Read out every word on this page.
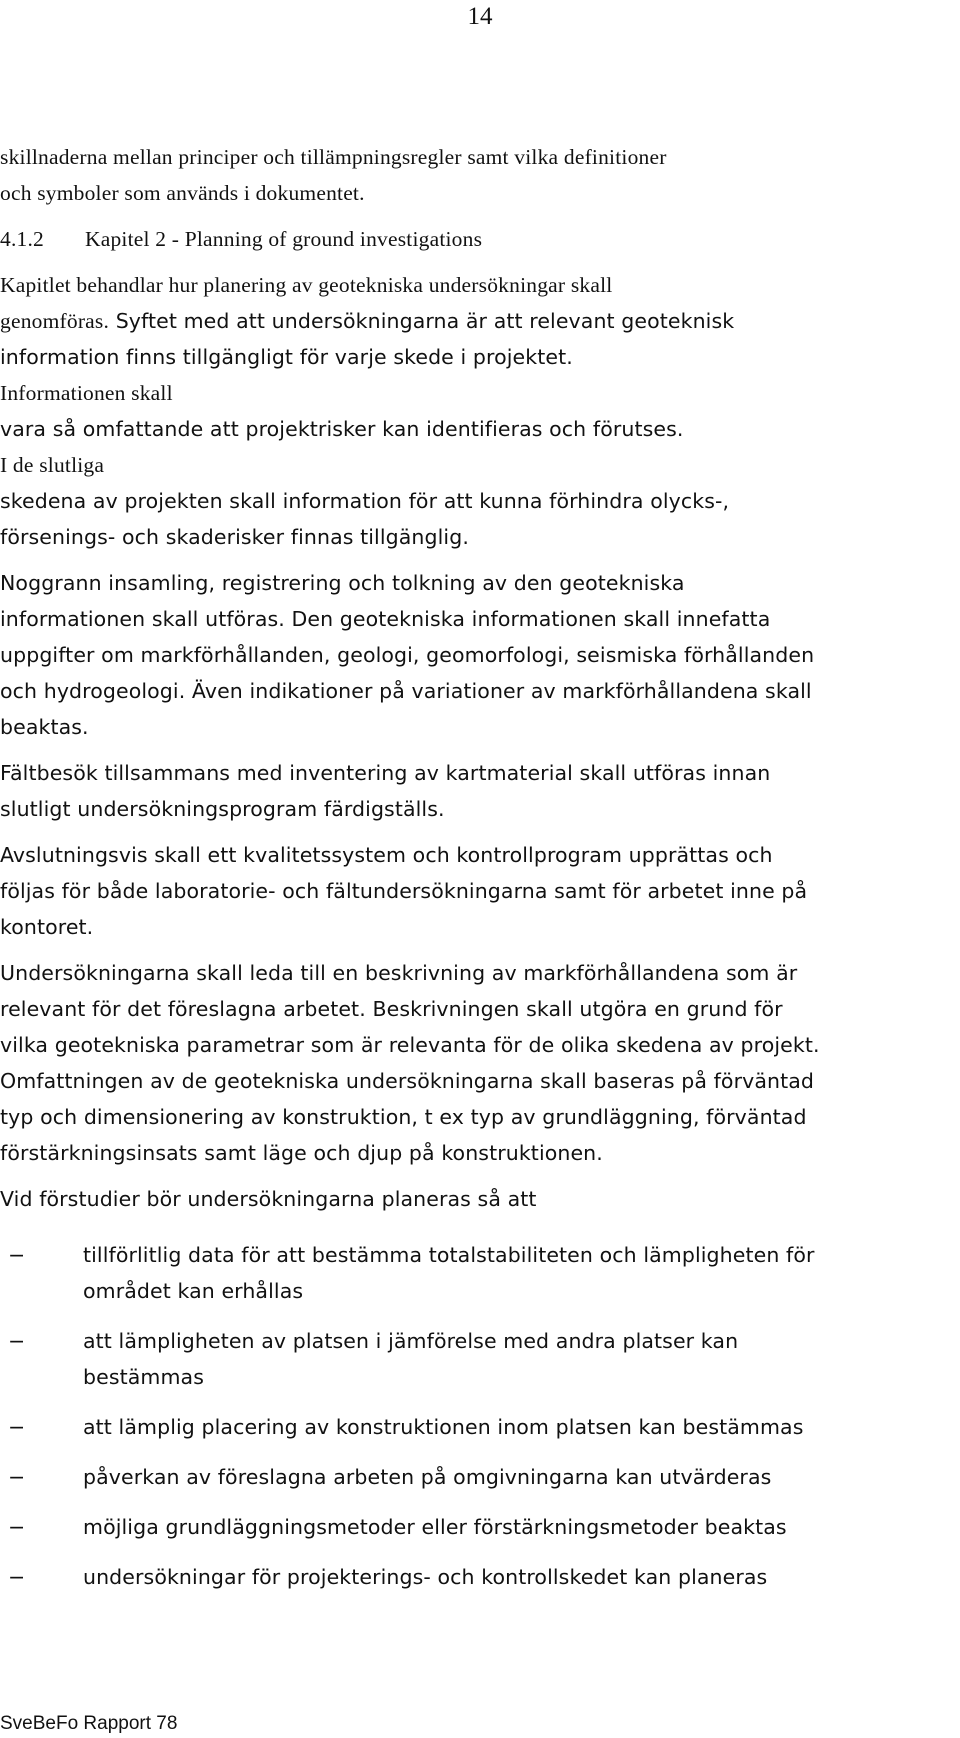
14
skillnaderna mellan principer och tillämpningsregler samt vilka definitioner
och symboler som används i dokumentet.
4.1.2 Kapitel 2 - Planning of ground investigations
Kapitlet behandlar hur planering av geotekniska undersökningar skall
genomföras. Syftet med att undersökningarna är att relevant geoteknisk
information finns tillgängligt för varje skede i projektet.
Informationen skall
vara så omfattande att projektrisker kan identifieras och förutses.
I de slutliga
skedena av projekten skall information för att kunna förhindra olycks-,
försenings- och skaderisker finnas tillgänglig.
Noggrann insamling, registrering och tolkning av den geotekniska
informationen skall utföras. Den geotekniska informationen skall innefatta
uppgifter om markförhållanden, geologi, geomorfologi, seismiska förhållanden
och hydrogeologi. Även indikationer på variationer av markförhållandena skall
beaktas.
Fältbesök tillsammans med inventering av kartmaterial skall utföras innan
slutligt undersökningsprogram färdigställs.
Avslutningsvis skall ett kvalitetssystem och kontrollprogram upprättas och
följas för både laboratorie- och fältundersökningarna samt för arbetet inne på
kontoret.
Undersökningarna skall leda till en beskrivning av markförhållandena som är
relevant för det föreslagna arbetet. Beskrivningen skall utgöra en grund för
vilka geotekniska parametrar som är relevanta för de olika skedena av projekt.
Omfattningen av de geotekniska undersökningarna skall baseras på förväntad
typ och dimensionering av konstruktion, t ex typ av grundläggning, förväntad
förstärkningsinsats samt läge och djup på konstruktionen.
Vid förstudier bör undersökningarna planeras så att
−	tillförlitlig data för att bestämma totalstabiliteten och lämpligheten för
området kan erhållas
−	att lämpligheten av platsen i jämförelse med andra platser kan
bestämmas
−	att lämplig placering av konstruktionen inom platsen kan bestämmas
−	påverkan av föreslagna arbeten på omgivningarna kan utvärderas
−	möjliga grundläggningsmetoder eller förstärkningsmetoder beaktas
−	undersökningar för projekterings- och kontrollskedet kan planeras
SveBeFo Rapport 78
